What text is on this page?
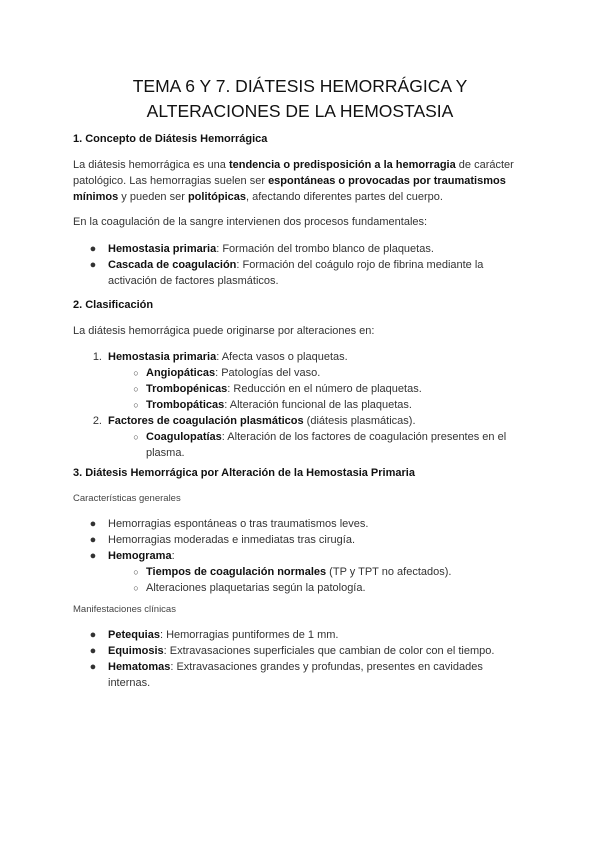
TEMA 6 Y 7. DIÁTESIS HEMORRÁGICA Y
ALTERACIONES DE LA HEMOSTASIA
1. Concepto de Diátesis Hemorrágica
La diátesis hemorrágica es una tendencia o predisposición a la hemorragia de carácter patológico. Las hemorragias suelen ser espontáneas o provocadas por traumatismos mínimos y pueden ser politópicas, afectando diferentes partes del cuerpo.
En la coagulación de la sangre intervienen dos procesos fundamentales:
●	Hemostasia primaria: Formación del trombo blanco de plaquetas.
●	Cascada de coagulación: Formación del coágulo rojo de fibrina mediante la activación de factores plasmáticos.
2. Clasificación
La diátesis hemorrágica puede originarse por alteraciones en:
1. Hemostasia primaria: Afecta vasos o plaquetas.
○ Angiopáticas: Patologías del vaso.
○ Trombopénicas: Reducción en el número de plaquetas.
○ Trombopáticas: Alteración funcional de las plaquetas.
2. Factores de coagulación plasmáticos (diátesis plasmáticas).
○ Coagulopatías: Alteración de los factores de coagulación presentes en el plasma.
3. Diátesis Hemorrágica por Alteración de la Hemostasia Primaria
Características generales
●	Hemorragias espontáneas o tras traumatismos leves.
●	Hemorragias moderadas e inmediatas tras cirugía.
●	Hemograma:
○ Tiempos de coagulación normales (TP y TPT no afectados).
○ Alteraciones plaquetarias según la patología.
Manifestaciones clínicas
●	Petequias: Hemorragias puntiformes de 1 mm.
●	Equimosis: Extravasaciones superficiales que cambian de color con el tiempo.
●	Hematomas: Extravasaciones grandes y profundas, presentes en cavidades internas.
